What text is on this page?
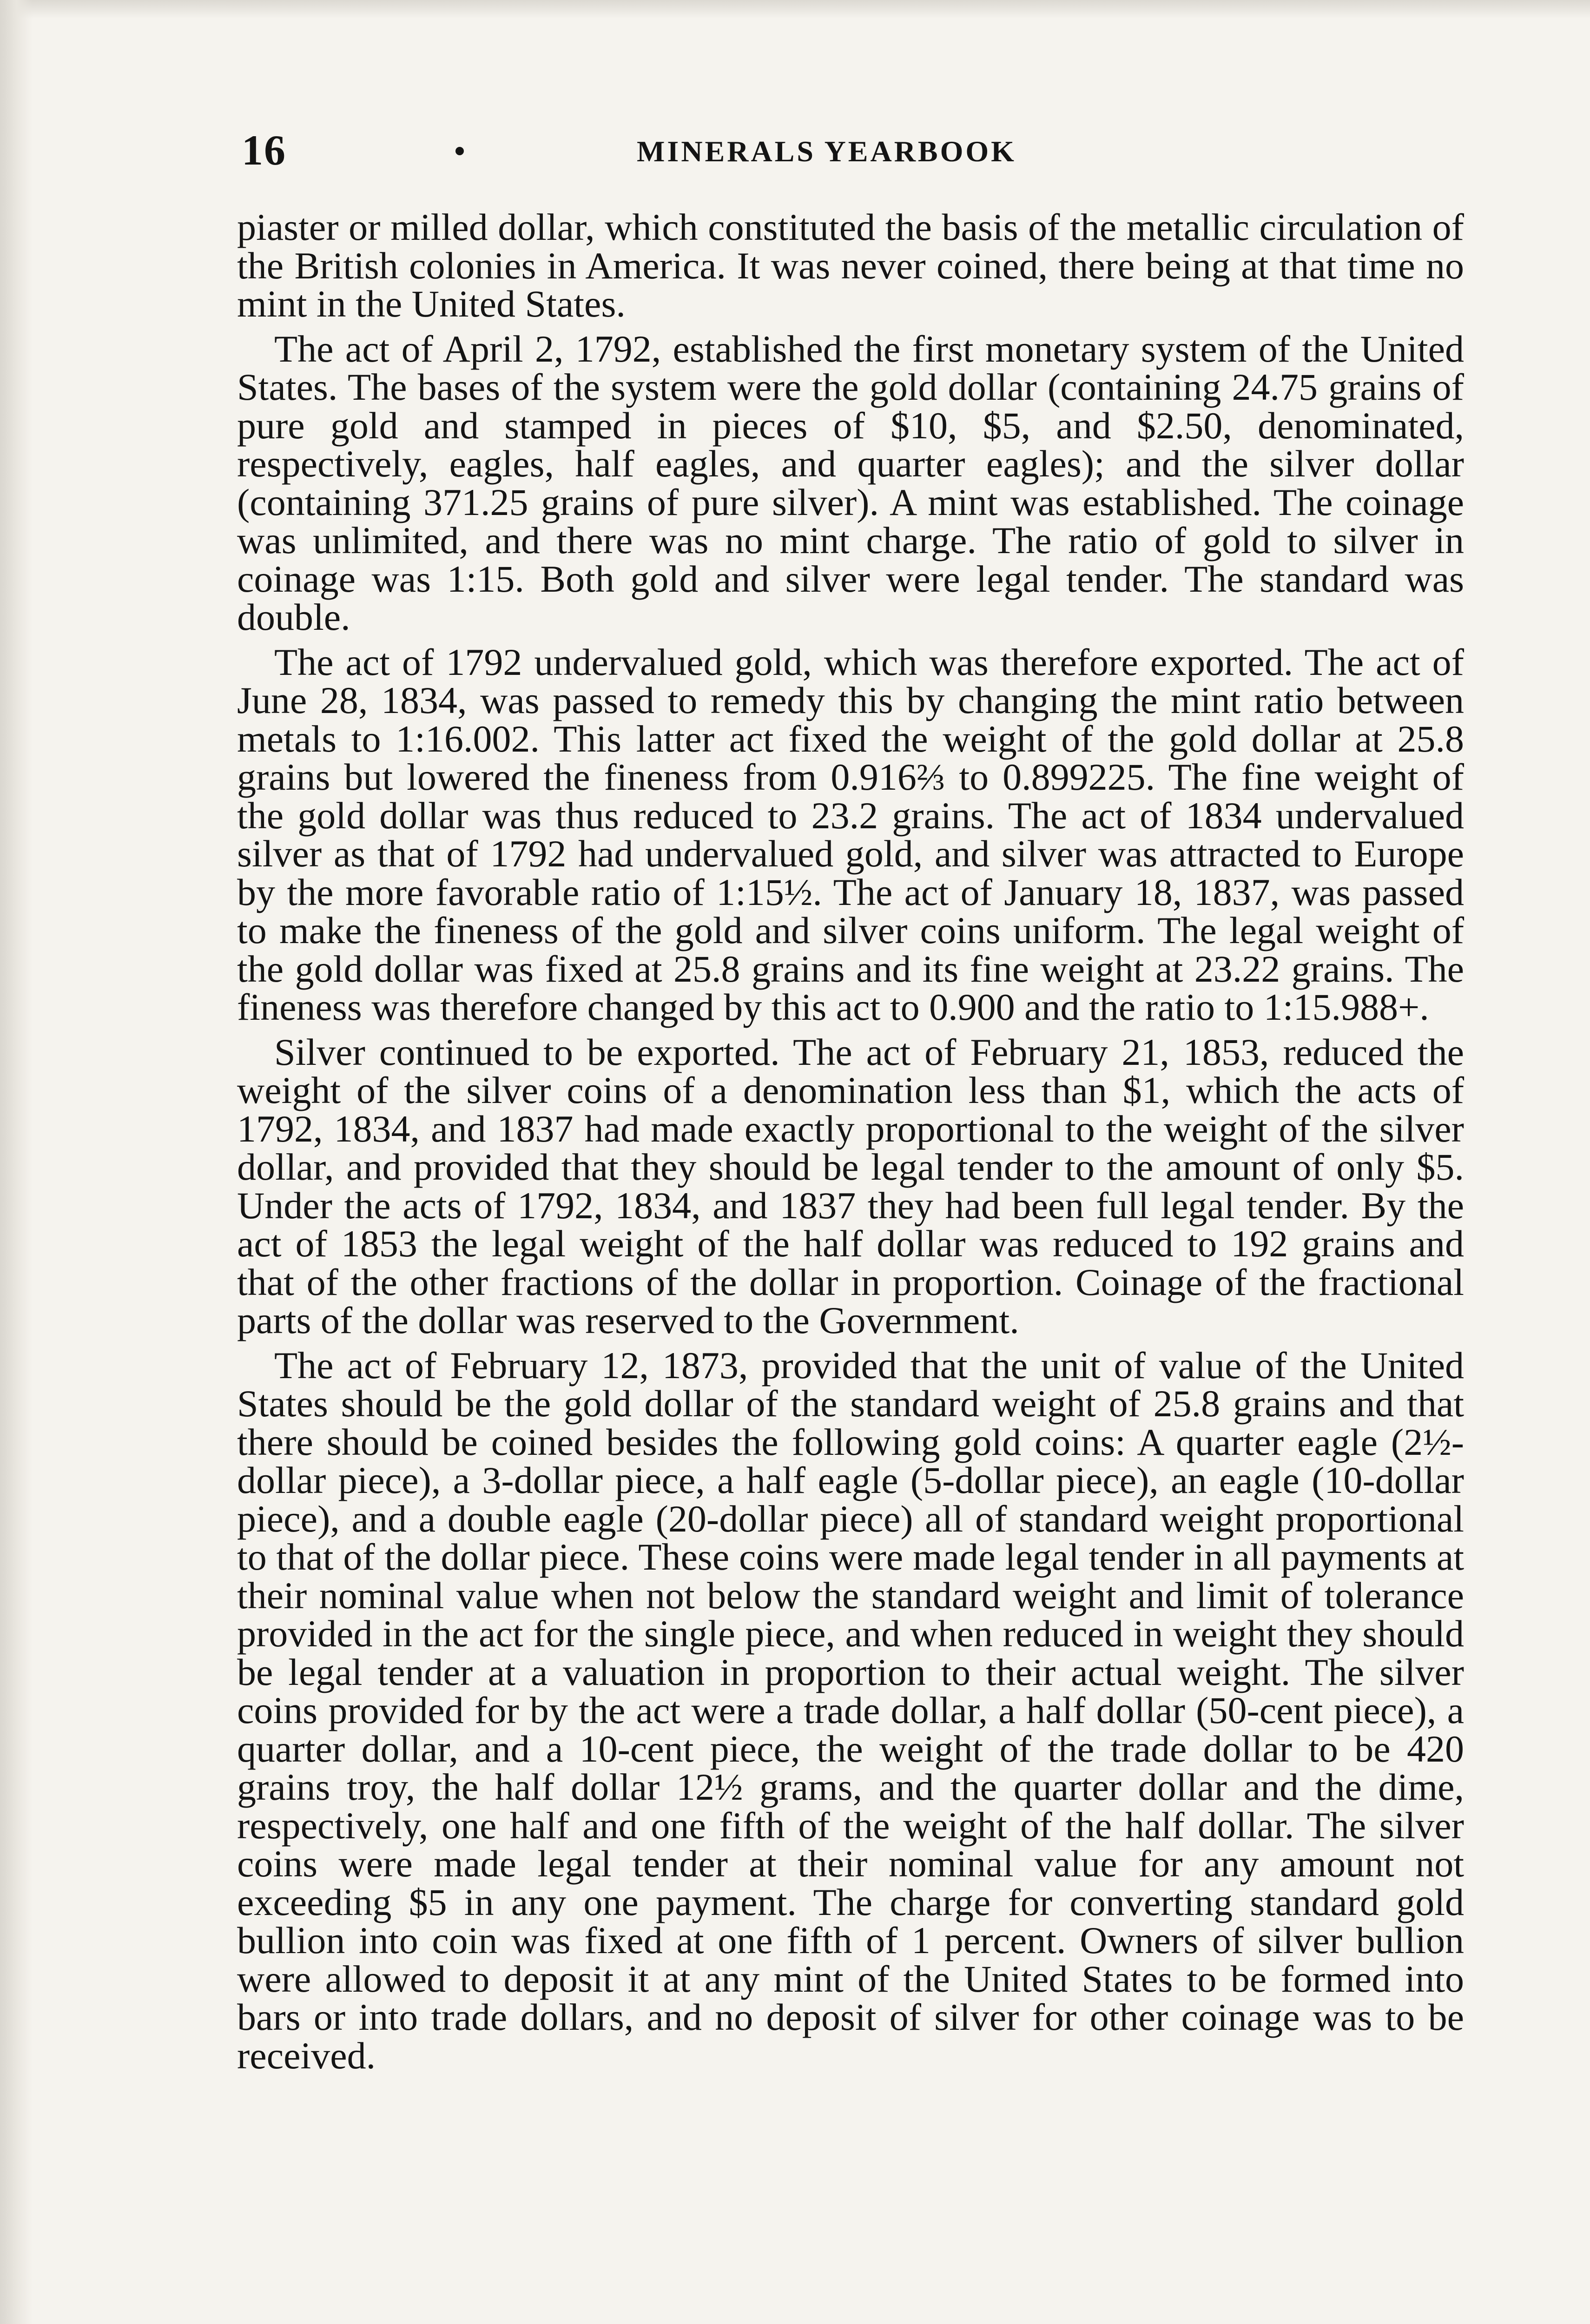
16	MINERALS YEARBOOK

piaster or milled dollar, which constituted the basis of the metallic circulation of the British colonies in America. It was never coined, there being at that time no mint in the United States.

The act of April 2, 1792, established the first monetary system of the United States. The bases of the system were the gold dollar (containing 24.75 grains of pure gold and stamped in pieces of $10, $5, and $2.50, denominated, respectively, eagles, half eagles, and quarter eagles); and the silver dollar (containing 371.25 grains of pure silver). A mint was established. The coinage was unlimited, and there was no mint charge. The ratio of gold to silver in coinage was 1:15. Both gold and silver were legal tender. The standard was double.

The act of 1792 undervalued gold, which was therefore exported. The act of June 28, 1834, was passed to remedy this by changing the mint ratio between metals to 1:16.002. This latter act fixed the weight of the gold dollar at 25.8 grains but lowered the fineness from 0.916⅔ to 0.899225. The fine weight of the gold dollar was thus reduced to 23.2 grains. The act of 1834 undervalued silver as that of 1792 had undervalued gold, and silver was attracted to Europe by the more favorable ratio of 1:15½. The act of January 18, 1837, was passed to make the fineness of the gold and silver coins uniform. The legal weight of the gold dollar was fixed at 25.8 grains and its fine weight at 23.22 grains. The fineness was therefore changed by this act to 0.900 and the ratio to 1:15.988+.

Silver continued to be exported. The act of February 21, 1853, reduced the weight of the silver coins of a denomination less than $1, which the acts of 1792, 1834, and 1837 had made exactly proportional to the weight of the silver dollar, and provided that they should be legal tender to the amount of only $5. Under the acts of 1792, 1834, and 1837 they had been full legal tender. By the act of 1853 the legal weight of the half dollar was reduced to 192 grains and that of the other fractions of the dollar in proportion. Coinage of the fractional parts of the dollar was reserved to the Government.

The act of February 12, 1873, provided that the unit of value of the United States should be the gold dollar of the standard weight of 25.8 grains and that there should be coined besides the following gold coins: A quarter eagle (2½-dollar piece), a 3-dollar piece, a half eagle (5-dollar piece), an eagle (10-dollar piece), and a double eagle (20-dollar piece) all of standard weight proportional to that of the dollar piece. These coins were made legal tender in all payments at their nominal value when not below the standard weight and limit of tolerance provided in the act for the single piece, and when reduced in weight they should be legal tender at a valuation in proportion to their actual weight. The silver coins provided for by the act were a trade dollar, a half dollar (50-cent piece), a quarter dollar, and a 10-cent piece, the weight of the trade dollar to be 420 grains troy, the half dollar 12½ grams, and the quarter dollar and the dime, respectively, one half and one fifth of the weight of the half dollar. The silver coins were made legal tender at their nominal value for any amount not exceeding $5 in any one payment. The charge for converting standard gold bullion into coin was fixed at one fifth of 1 percent. Owners of silver bullion were allowed to deposit it at any mint of the United States to be formed into bars or into trade dollars, and no deposit of silver for other coinage was to be received.
